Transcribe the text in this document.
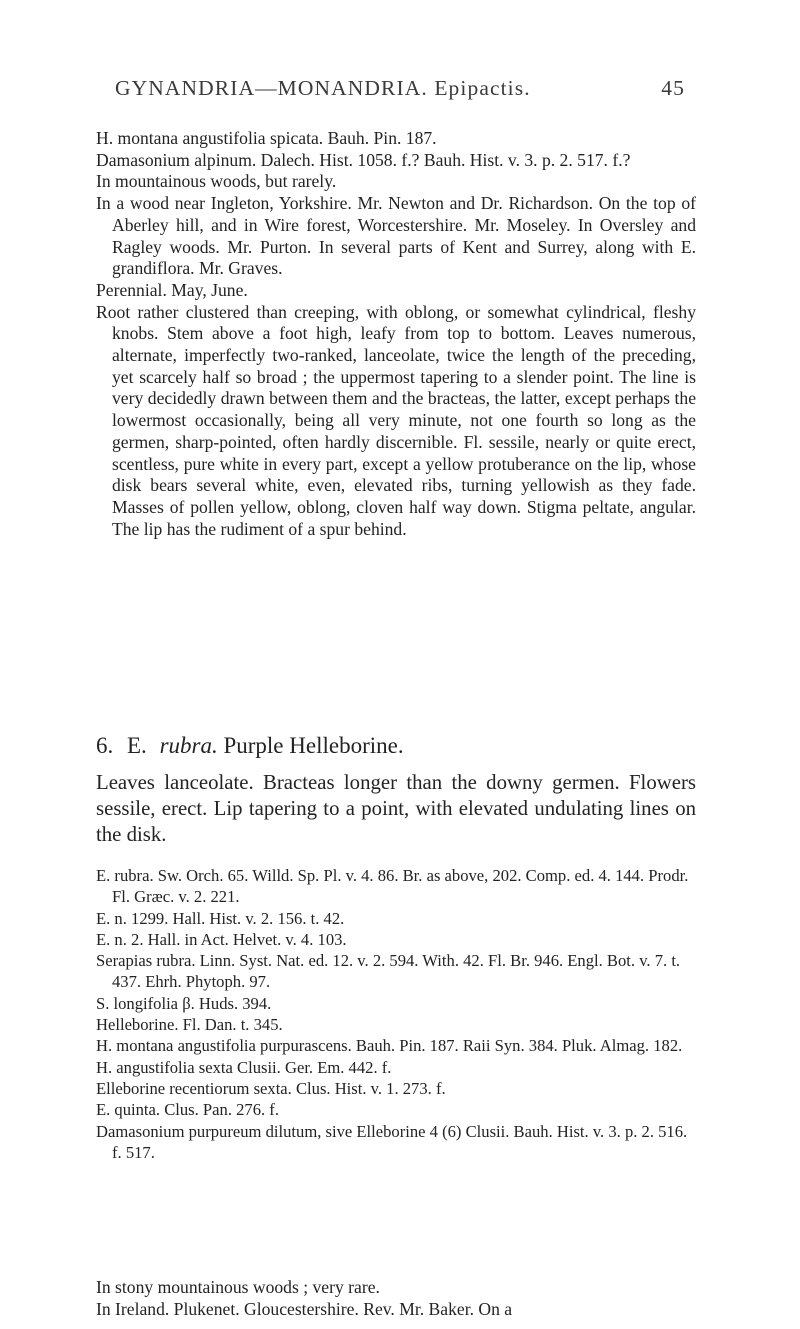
GYNANDRIA—MONANDRIA. Epipactis.	45

H. montana angustifolia spicata. Bauh. Pin. 187.

Damasonium alpinum. Dalech. Hist. 1058. f.? Bauh. Hist. v. 3. p. 2. 517. f.?

In mountainous woods, but rarely.

In a wood near Ingleton, Yorkshire. Mr. Newton and Dr. Richardson. On the top of Aberley hill, and in Wire forest, Worcestershire. Mr. Moseley. In Oversley and Ragley woods. Mr. Purton. In several parts of Kent and Surrey, along with E. grandiflora. Mr. Graves.

Perennial. May, June.

Root rather clustered than creeping, with oblong, or somewhat cylindrical, fleshy knobs. Stem above a foot high, leafy from top to bottom. Leaves numerous, alternate, imperfectly two-ranked, lanceolate, twice the length of the preceding, yet scarcely half so broad ; the uppermost tapering to a slender point. The line is very decidedly drawn between them and the bracteas, the latter, except perhaps the lowermost occasionally, being all very minute, not one fourth so long as the germen, sharp-pointed, often hardly discernible. Fl. sessile, nearly or quite erect, scentless, pure white in every part, except a yellow protuberance on the lip, whose disk bears several white, even, elevated ribs, turning yellowish as they fade. Masses of pollen yellow, oblong, cloven half way down. Stigma peltate, angular. The lip has the rudiment of a spur behind.

6. E. rubra. Purple Helleborine.

Leaves lanceolate. Bracteas longer than the downy germen. Flowers sessile, erect. Lip tapering to a point, with elevated undulating lines on the disk.

E. rubra. Sw. Orch. 65. Willd. Sp. Pl. v. 4. 86. Br. as above, 202. Comp. ed. 4. 144. Prodr. Fl. Græc. v. 2. 221.

E. n. 1299. Hall. Hist. v. 2. 156. t. 42.

E. n. 2. Hall. in Act. Helvet. v. 4. 103.

Serapias rubra. Linn. Syst. Nat. ed. 12. v. 2. 594. With. 42. Fl. Br. 946. Engl. Bot. v. 7. t. 437. Ehrh. Phytoph. 97.

S. longifolia β. Huds. 394.

Helleborine. Fl. Dan. t. 345.

H. montana angustifolia purpurascens. Bauh. Pin. 187. Raii Syn. 384. Pluk. Almag. 182.

H. angustifolia sexta Clusii. Ger. Em. 442. f.

Elleborine recentiorum sexta. Clus. Hist. v. 1. 273. f.

E. quinta. Clus. Pan. 276. f.

Damasonium purpureum dilutum, sive Elleborine 4 (6) Clusii. Bauh. Hist. v. 3. p. 2. 516. f. 517.

In stony mountainous woods ; very rare.

In Ireland. Plukenet. Gloucestershire. Rev. Mr. Baker. On a
